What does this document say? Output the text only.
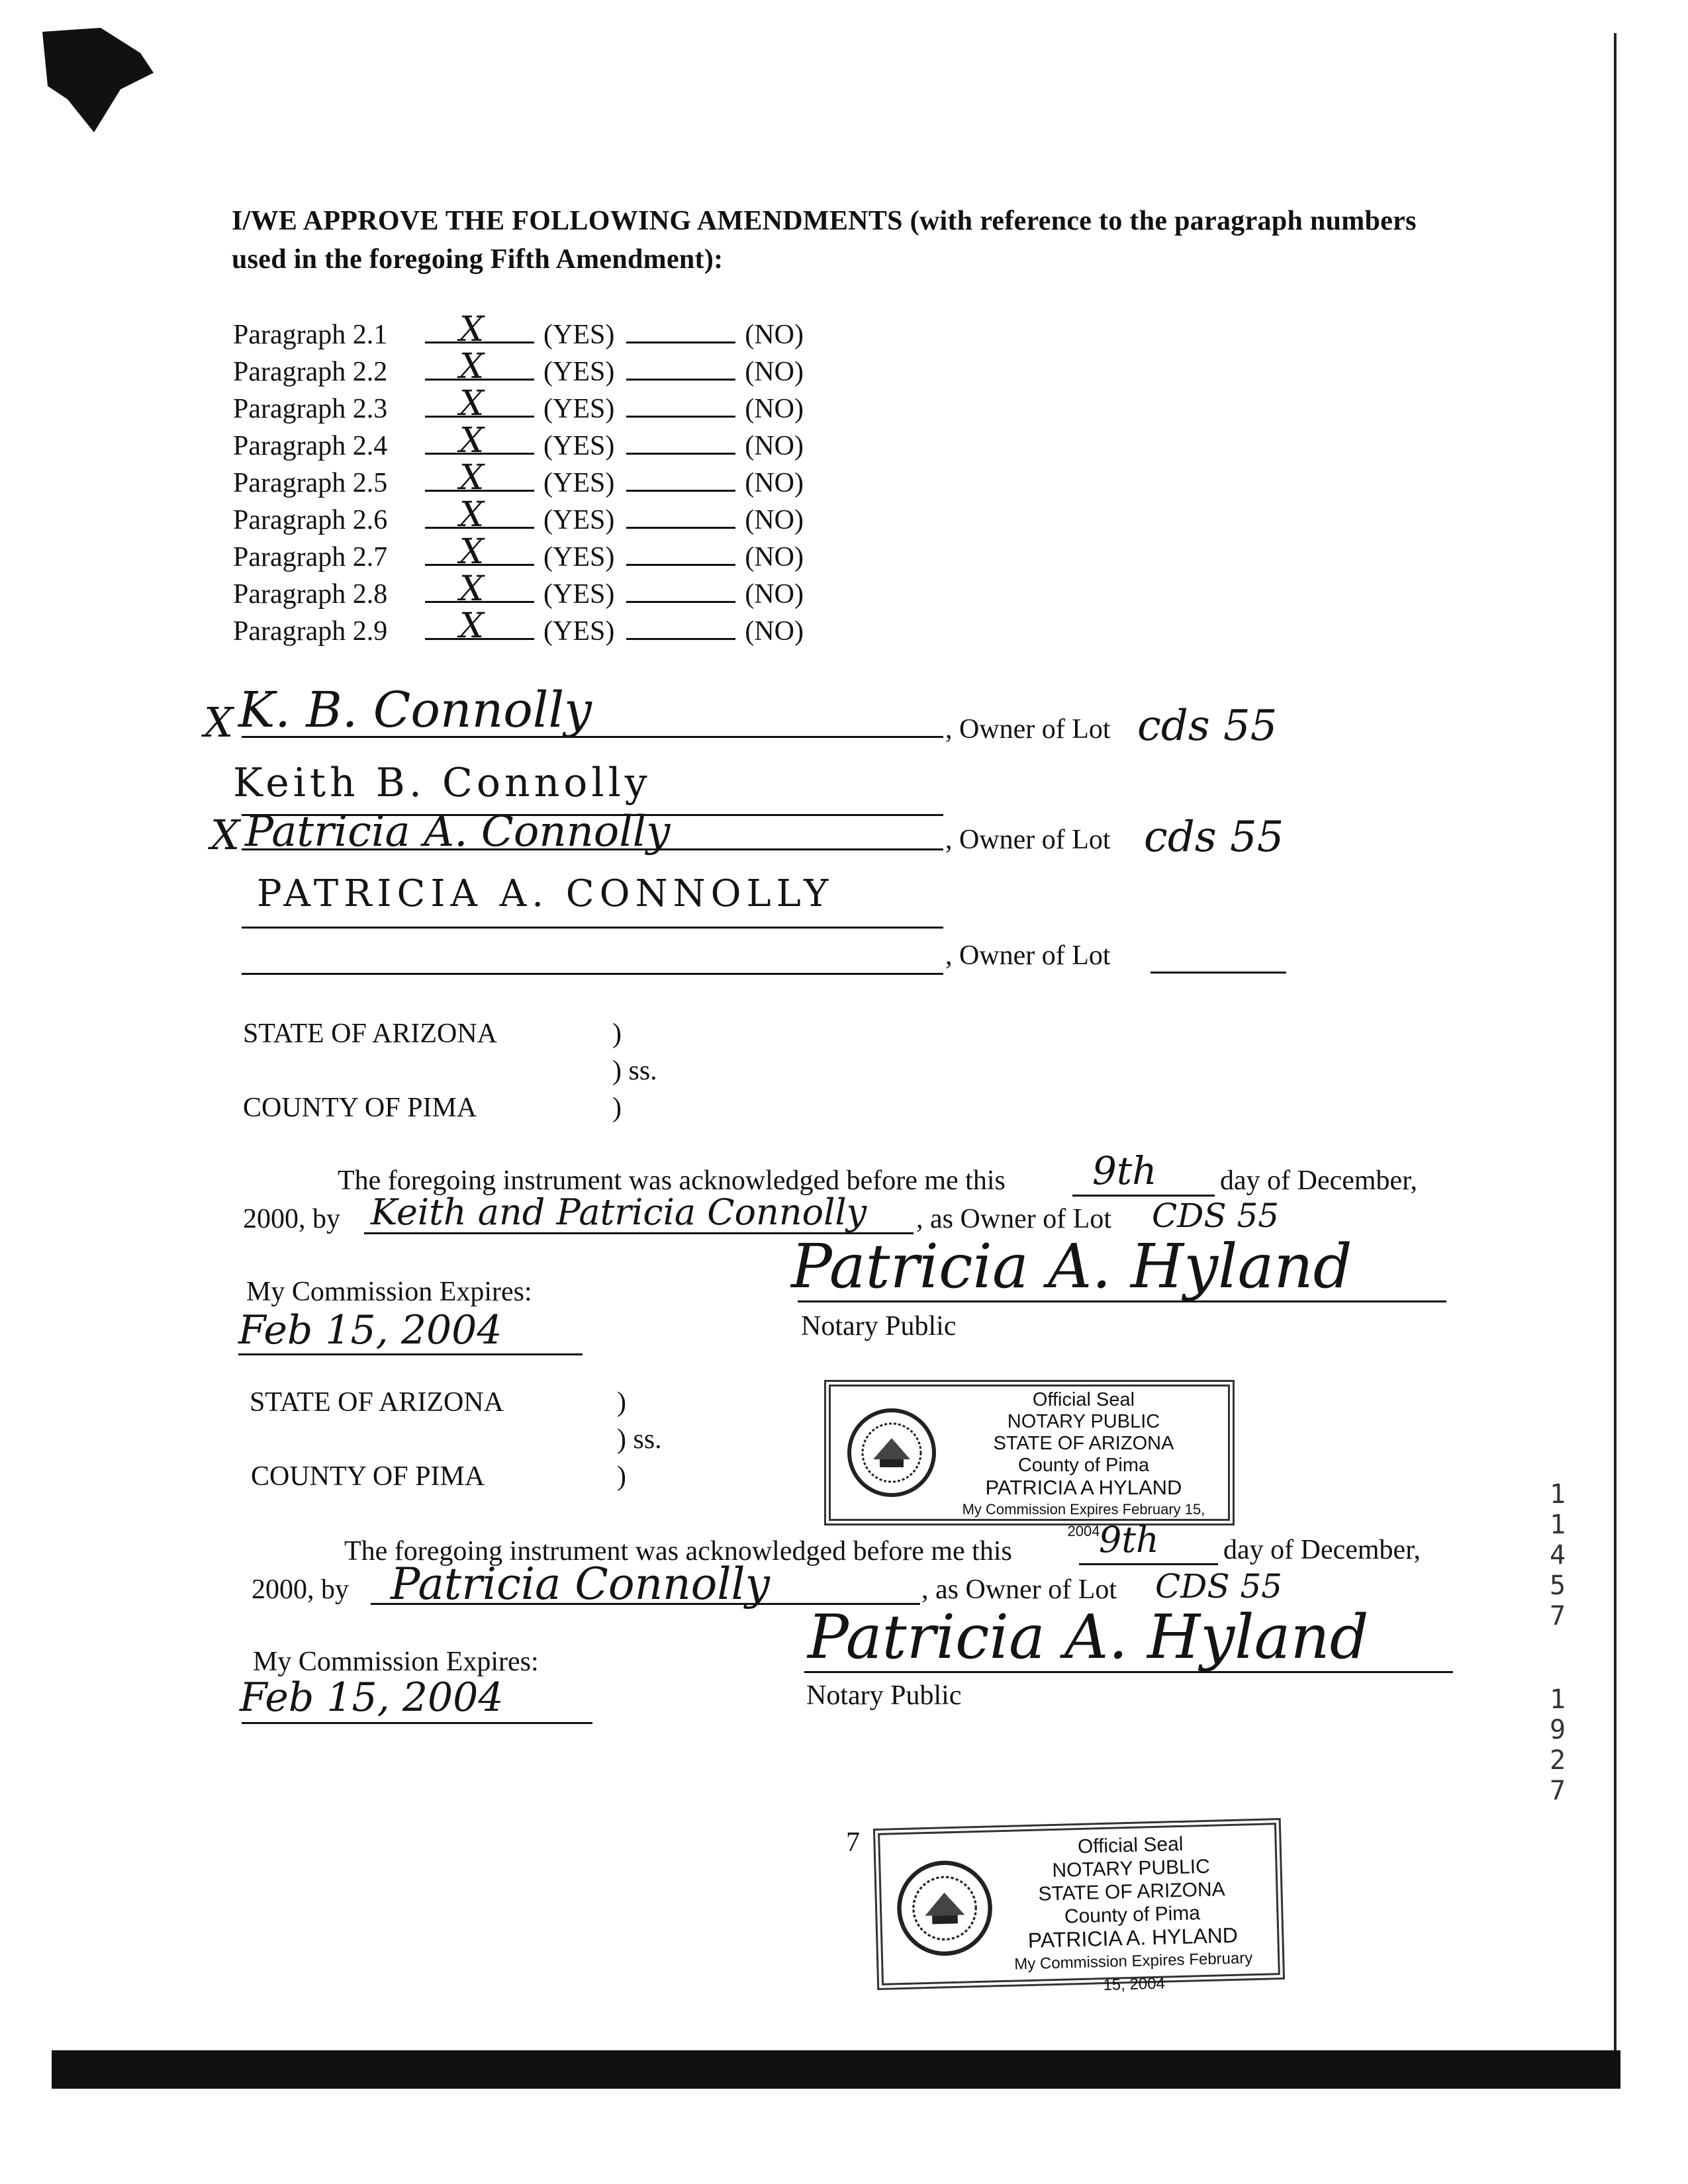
I/WE APPROVE THE FOLLOWING AMENDMENTS (with reference to the paragraph numbers used in the foregoing Fifth Amendment):
Paragraph 2.1 X (YES)	(NO)
Paragraph 2.2 X (YES)	(NO)
Paragraph 2.3 X (YES)	(NO)
Paragraph 2.4 X (YES)	(NO)
Paragraph 2.5 X (YES)	(NO)
Paragraph 2.6 X (YES)	(NO)
Paragraph 2.7 X (YES)	(NO)
Paragraph 2.8 X (YES)	(NO)
Paragraph 2.9 X (YES)	(NO)
X K. B. Connolly	, Owner of Lot cds 55
Keith B. Connolly
X Patricia A. Connolly	, Owner of Lot cds 55
PATRICIA A. CONNOLLY
, Owner of Lot
STATE OF ARIZONA	)
) ss.
COUNTY OF PIMA	)
The foregoing instrument was acknowledged before me this 9th day of December,
2000, by Keith and Patricia Connolly , as Owner of Lot CDS 55
My Commission Expires:
Feb 15, 2004
Patricia A. Hyland
Notary Public
STATE OF ARIZONA	)
) ss.
COUNTY OF PIMA	)
Official Seal
NOTARY PUBLIC
STATE OF ARIZONA
County of Pima
PATRICIA A HYLAND
My Commission Expires February 15, 2004
The foregoing instrument was acknowledged before me this 9th day of December,
2000, by Patricia Connolly	, as Owner of Lot CDS 55
My Commission Expires:
Feb 15, 2004
Patricia A. Hyland
Notary Public
7	Official Seal
NOTARY PUBLIC
STATE OF ARIZONA
County of Pima
PATRICIA A. HYLAND
My Commission Expires February 15, 2004
1
1
4
5
7
1
9
2
7
